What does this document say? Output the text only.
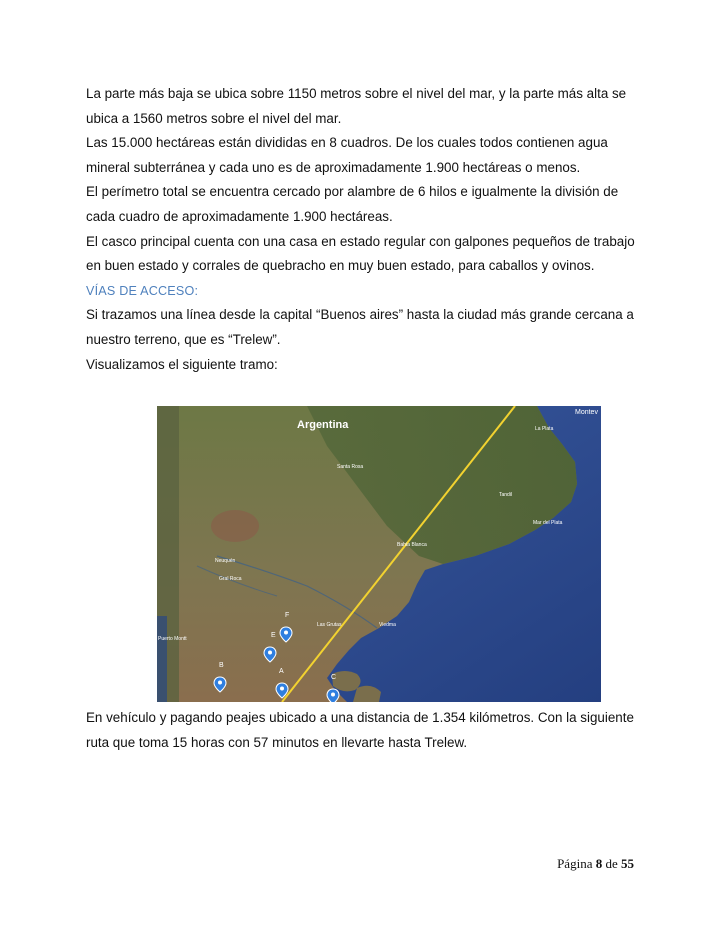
La parte más baja se ubica sobre 1150 metros sobre el nivel del mar, y la parte más alta se ubica a 1560 metros sobre el nivel del mar.

Las 15.000 hectáreas están divididas en 8 cuadros. De los cuales todos contienen agua mineral subterránea y cada uno es de aproximadamente 1.900 hectáreas o menos.

El perímetro total se encuentra cercado por alambre de 6 hilos e igualmente la división de cada cuadro de aproximadamente 1.900 hectáreas.

El casco principal cuenta con una casa en estado regular con galpones pequeños de trabajo en buen estado y corrales de quebracho en muy buen estado, para caballos y ovinos.

VÍAS DE ACCESO:

Si trazamos una línea desde la capital “Buenos aires” hasta la ciudad más grande cercana a nuestro terreno, que es “Trelew”.

Visualizamos el siguiente tramo:

Argentina
Montev
La Plata
Santa Rosa
Tandil
Mar del Plata
Bahía Blanca
Neuquén
Gral Roca
Las Grutas	Viedma
Puerto Montt
A
B
C
E
F

En vehículo y pagando peajes ubicado a una distancia de 1.354 kilómetros. Con la siguiente ruta que toma 15 horas con 57 minutos en llevarte hasta Trelew.

Página 8 de 55
